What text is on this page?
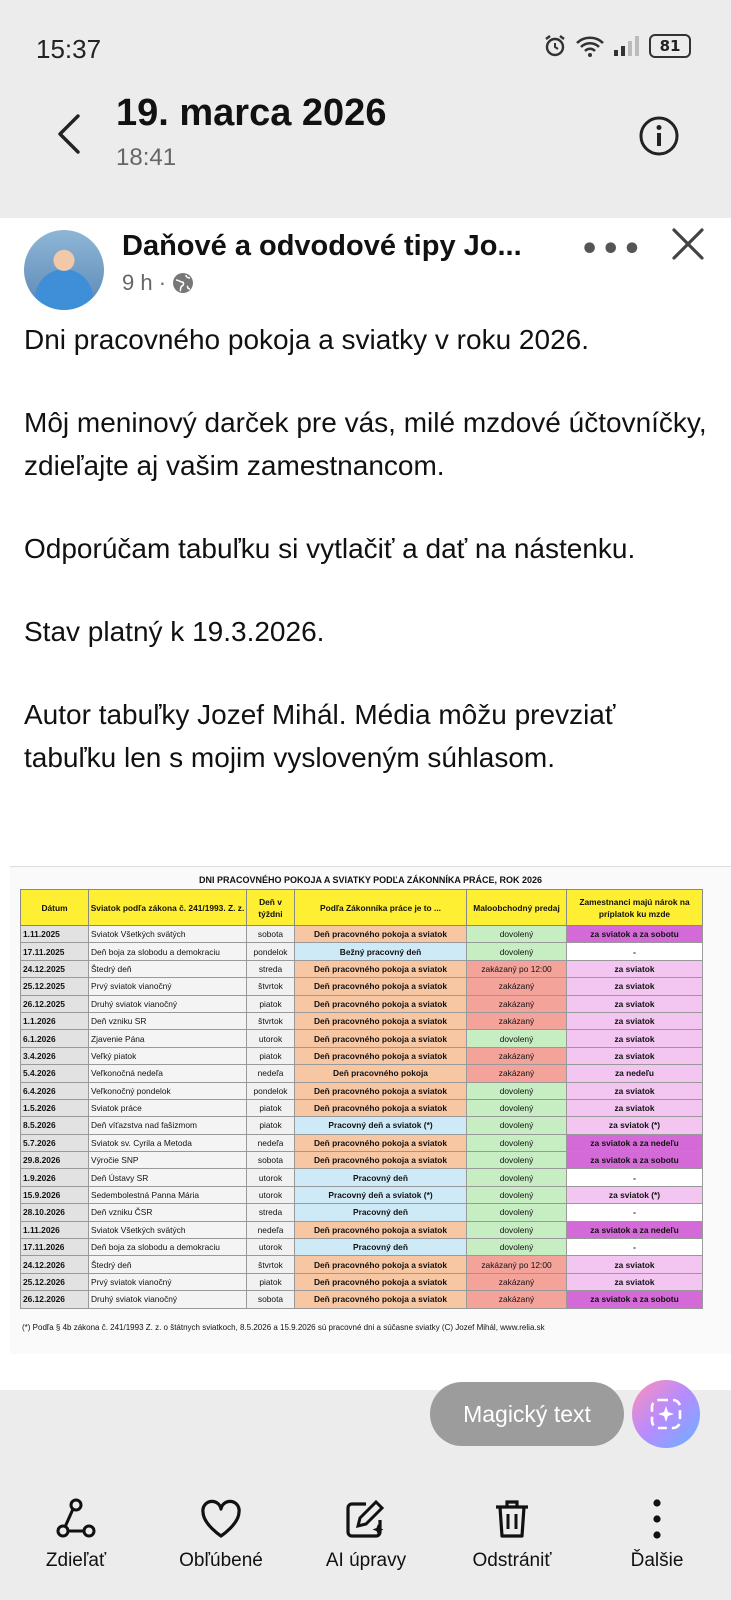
15:37	81
19. marca 2026
18:41
Daňové a odvodové tipy Jo...
9 h ·
•••

Dni pracovného pokoja a sviatky v roku 2026.

Môj meninový darček pre vás, milé mzdové účtovníčky, zdieľajte aj vašim zamestnancom.

Odporúčam tabuľku si vytlačiť a dať na nástenku.

Stav platný k 19.3.2026.

Autor tabuľky Jozef Mihál. Média môžu prevziať tabuľku len s mojim vysloveným súhlasom.

DNI PRACOVNÉHO POKOJA A SVIATKY PODĽA ZÁKONNÍKA PRÁCE, ROK 2026
Dátum	Sviatok podľa zákona č. 241/1993. Z. z.	Deň v týždni	Podľa Zákonníka práce je to ...	Maloobchodný predaj	Zamestnanci majú nárok na príplatok ku mzde
1.11.2025	Sviatok Všetkých svätých	sobota	Deň pracovného pokoja a sviatok	dovolený	za sviatok a za sobotu
17.11.2025	Deň boja za slobodu a demokraciu	pondelok	Bežný pracovný deň	dovolený	-
24.12.2025	Štedrý deň	streda	Deň pracovného pokoja a sviatok	zakázaný po 12:00	za sviatok
25.12.2025	Prvý sviatok vianočný	štvrtok	Deň pracovného pokoja a sviatok	zakázaný	za sviatok
26.12.2025	Druhý sviatok vianočný	piatok	Deň pracovného pokoja a sviatok	zakázaný	za sviatok
1.1.2026	Deň vzniku SR	štvrtok	Deň pracovného pokoja a sviatok	zakázaný	za sviatok
6.1.2026	Zjavenie Pána	utorok	Deň pracovného pokoja a sviatok	dovolený	za sviatok
3.4.2026	Veľký piatok	piatok	Deň pracovného pokoja a sviatok	zakázaný	za sviatok
5.4.2026	Veľkonočná nedeľa	nedeľa	Deň pracovného pokoja	zakázaný	za nedeľu
6.4.2026	Veľkonočný pondelok	pondelok	Deň pracovného pokoja a sviatok	dovolený	za sviatok
1.5.2026	Sviatok práce	piatok	Deň pracovného pokoja a sviatok	dovolený	za sviatok
8.5.2026	Deň víťazstva nad fašizmom	piatok	Pracovný deň a sviatok (*)	dovolený	za sviatok (*)
5.7.2026	Sviatok sv. Cyrila a Metoda	nedeľa	Deň pracovného pokoja a sviatok	dovolený	za sviatok a za nedeľu
29.8.2026	Výročie SNP	sobota	Deň pracovného pokoja a sviatok	dovolený	za sviatok a za sobotu
1.9.2026	Deň Ústavy SR	utorok	Pracovný deň	dovolený	-
15.9.2026	Sedembolestná Panna Mária	utorok	Pracovný deň a sviatok (*)	dovolený	za sviatok (*)
28.10.2026	Deň vzniku ČSR	streda	Pracovný deň	dovolený	-
1.11.2026	Sviatok Všetkých svätých	nedeľa	Deň pracovného pokoja a sviatok	dovolený	za sviatok a za nedeľu
17.11.2026	Deň boja za slobodu a demokraciu	utorok	Pracovný deň	dovolený	-
24.12.2026	Štedrý deň	štvrtok	Deň pracovného pokoja a sviatok	zakázaný po 12:00	za sviatok
25.12.2026	Prvý sviatok vianočný	piatok	Deň pracovného pokoja a sviatok	zakázaný	za sviatok
26.12.2026	Druhý sviatok vianočný	sobota	Deň pracovného pokoja a sviatok	zakázaný	za sviatok a za sobotu
(*) Podľa § 4b zákona č. 241/1993 Z. z. o štátnych sviatkoch, 8.5.2026 a 15.9.2026 sú pracovné dni a súčasne sviatky (C) Jozef Mihál, www.relia.sk
Magický text
Zdieľať	Obľúbené	AI úpravy	Odstrániť	Ďalšie
